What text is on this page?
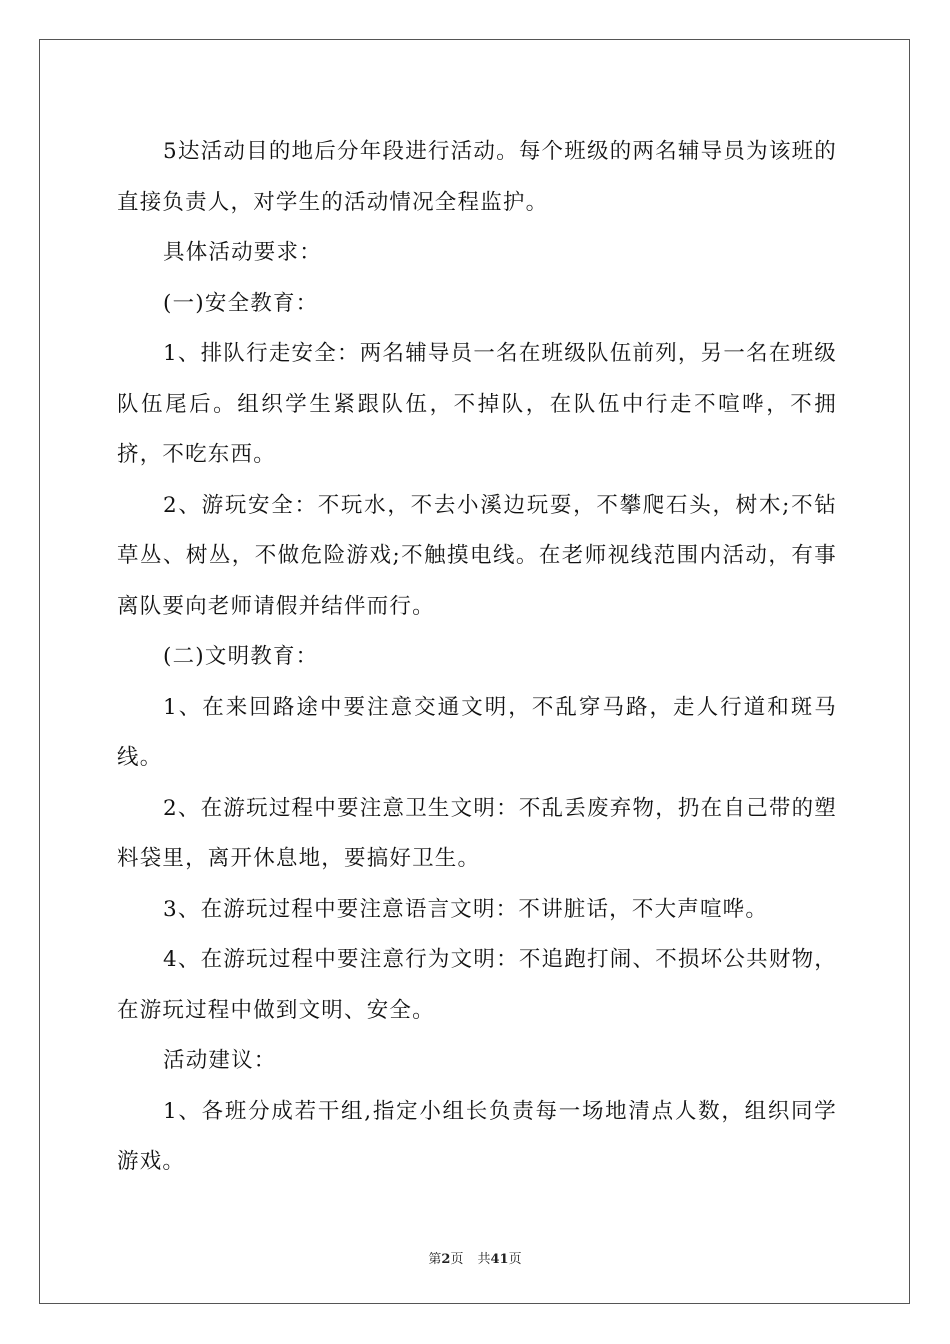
5达活动目的地后分年段进行活动。每个班级的两名辅导员为该班的直接负责人，对学生的活动情况全程监护。

具体活动要求：

(一)安全教育：

1、排队行走安全：两名辅导员一名在班级队伍前列，另一名在班级队伍尾后。组织学生紧跟队伍，不掉队，在队伍中行走不喧哗，不拥挤，不吃东西。

2、游玩安全：不玩水，不去小溪边玩耍，不攀爬石头，树木;不钻草丛、树丛，不做危险游戏;不触摸电线。在老师视线范围内活动，有事离队要向老师请假并结伴而行。

(二)文明教育：

1、在来回路途中要注意交通文明，不乱穿马路，走人行道和斑马线。

2、在游玩过程中要注意卫生文明：不乱丢废弃物，扔在自己带的塑料袋里，离开休息地，要搞好卫生。

3、在游玩过程中要注意语言文明：不讲脏话，不大声喧哗。

4、在游玩过程中要注意行为文明：不追跑打闹、不损坏公共财物，在游玩过程中做到文明、安全。

活动建议：

1、各班分成若干组,指定小组长负责每一场地清点人数，组织同学游戏。

第2页 共41页
